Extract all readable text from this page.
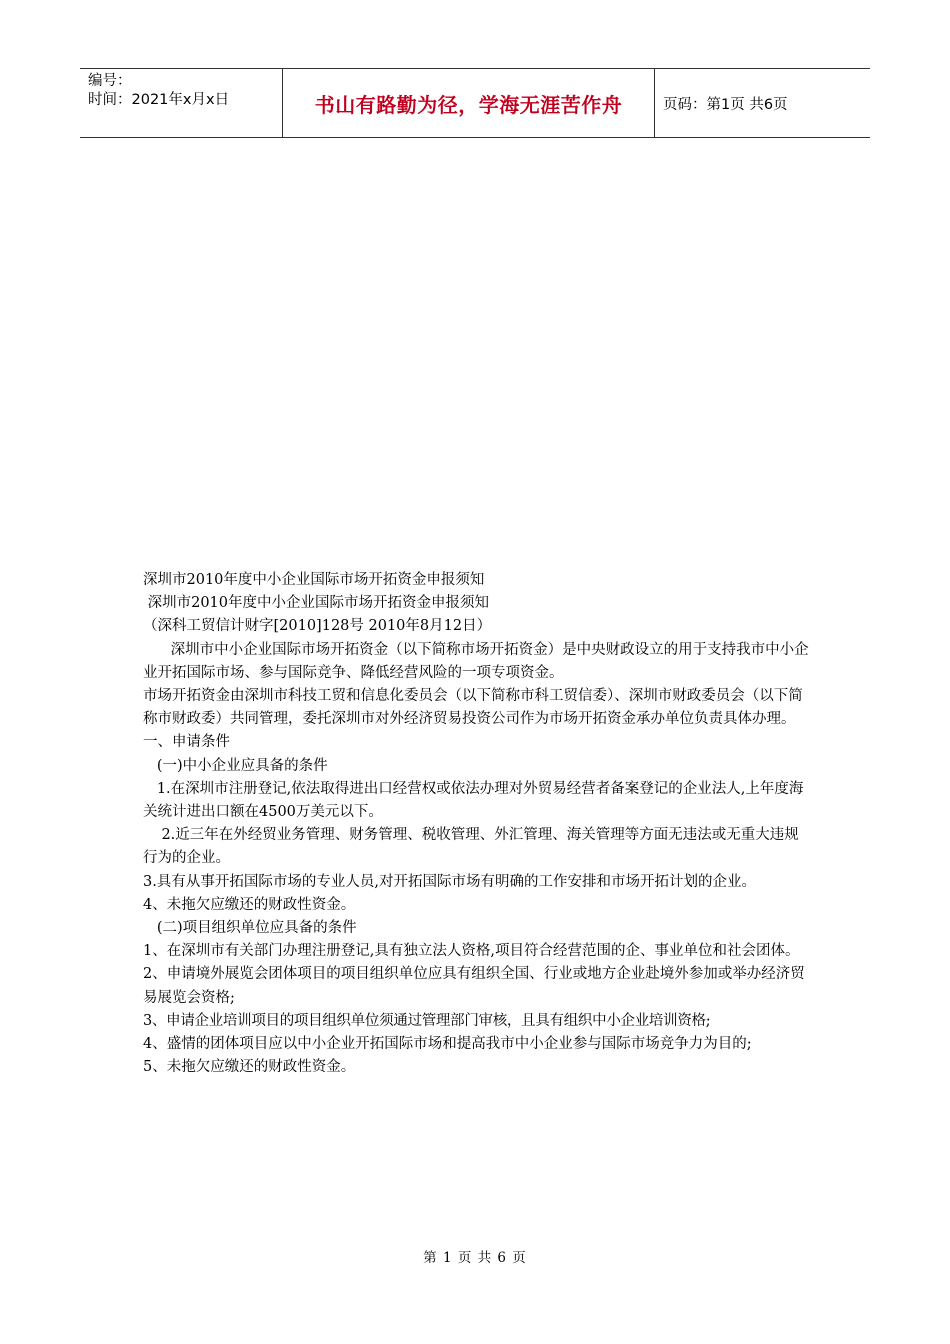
编号：
时间：2021年x月x日	书山有路勤为径，学海无涯苦作舟	页码：第1页 共6页

深圳市2010年度中小企业国际市场开拓资金申报须知

深圳市2010年度中小企业国际市场开拓资金申报须知

（深科工贸信计财字[2010]128号 2010年8月12日）

深圳市中小企业国际市场开拓资金（以下简称市场开拓资金）是中央财政设立的用于支持我市中小企业开拓国际市场、参与国际竞争、降低经营风险的一项专项资金。

市场开拓资金由深圳市科技工贸和信息化委员会（以下简称市科工贸信委）、深圳市财政委员会（以下简称市财政委）共同管理，委托深圳市对外经济贸易投资公司作为市场开拓资金承办单位负责具体办理。

一、申请条件

(一)中小企业应具备的条件

1.在深圳市注册登记,依法取得进出口经营权或依法办理对外贸易经营者备案登记的企业法人,上年度海关统计进出口额在4500万美元以下。

2.近三年在外经贸业务管理、财务管理、税收管理、外汇管理、海关管理等方面无违法或无重大违规行为的企业。

3.具有从事开拓国际市场的专业人员,对开拓国际市场有明确的工作安排和市场开拓计划的企业。

4、未拖欠应缴还的财政性资金。

(二)项目组织单位应具备的条件

1、在深圳市有关部门办理注册登记,具有独立法人资格,项目符合经营范围的企、事业单位和社会团体。

2、申请境外展览会团体项目的项目组织单位应具有组织全国、行业或地方企业赴境外参加或举办经济贸易展览会资格;

3、申请企业培训项目的项目组织单位须通过管理部门审核，且具有组织中小企业培训资格;

4、盛情的团体项目应以中小企业开拓国际市场和提高我市中小企业参与国际市场竞争力为目的;

5、未拖欠应缴还的财政性资金。

第 1 页 共 6 页
